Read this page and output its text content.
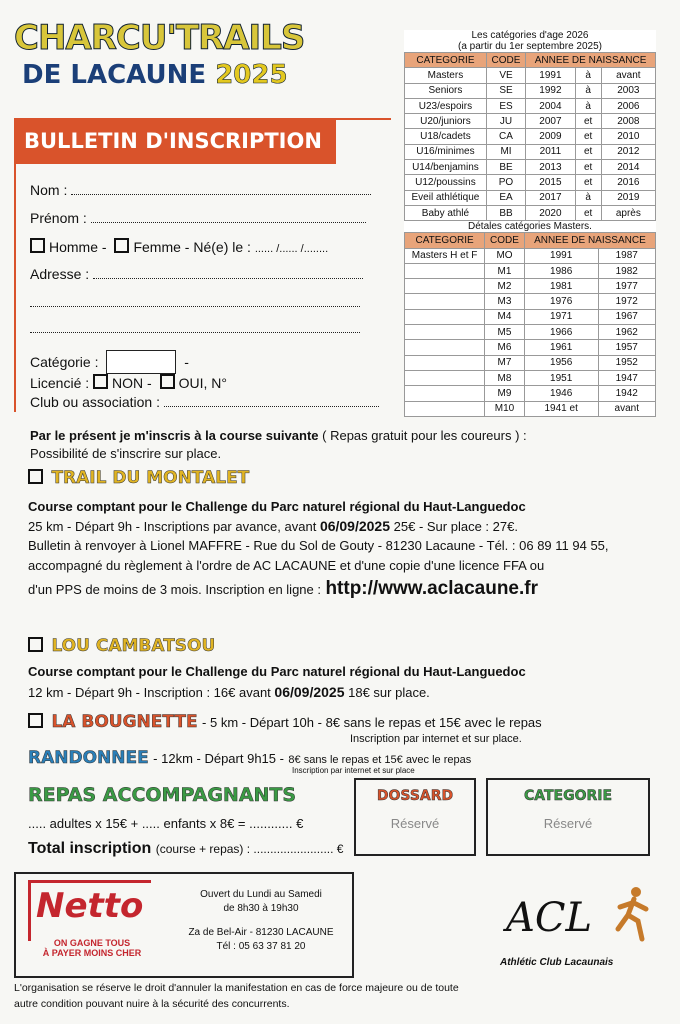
CHARCU'TRAILS
DE LACAUNE 2025
BULLETIN D'INSCRIPTION
Nom :
Prénom :
Homme - Femme - Né(e) le : ...... /...... /........
Adresse :
Catégorie :	-
Licencié : NON - OUI, N°
Club ou association :
Les catégories d'age 2026
(a partir du 1er septembre 2025)
CATEGORIE	CODE	ANNEE DE NAISSANCE		
Masters	VE	1991	à	avant
Seniors	SE	1992	à	2003
U23/espoirs	ES	2004	à	2006
U20/juniors	JU	2007	et	2008
U18/cadets	CA	2009	et	2010
U16/minimes	MI	2011	et	2012
U14/benjamins	BE	2013	et	2014
U12/poussins	PO	2015	et	2016
Eveil athlétique	EA	2017	à	2019
Baby athlé	BB	2020	et	après
Détales catégories Masters.
CATEGORIE	CODE	ANNEE DE NAISSANCE	
Masters H et F	MO	1991	1987
	M1	1986	1982
	M2	1981	1977
	M3	1976	1972
	M4	1971	1967
	M5	1966	1962
	M6	1961	1957
	M7	1956	1952
	M8	1951	1947
	M9	1946	1942
	M10	1941 et	avant
Par le présent je m'inscris à la course suivante ( Repas gratuit pour les coureurs ) :
Possibilité de s'inscrire sur place.
TRAIL DU MONTALET
Course comptant pour le Challenge du Parc naturel régional du Haut-Languedoc
25 km - Départ 9h - Inscriptions par avance, avant 06/09/2025 25€ - Sur place : 27€.
Bulletin à renvoyer à Lionel MAFFRE - Rue du Sol de Gouty - 81230 Lacaune - Tél. : 06 89 11 94 55,
accompagné du règlement à l'ordre de AC LACAUNE et d'une copie d'une licence FFA ou
d'un PPS de moins de 3 mois. Inscription en ligne : http://www.aclacaune.fr
LOU CAMBATSOU
Course comptant pour le Challenge du Parc naturel régional du Haut-Languedoc
12 km - Départ 9h - Inscription : 16€ avant 06/09/2025 18€ sur place.
LA BOUGNETTE - 5 km - Départ 10h - 8€ sans le repas et 15€ avec le repas
Inscription par internet et sur place.
RANDONNEE - 12km - Départ 9h15 - 8€ sans le repas et 15€ avec le repas
Inscription par internet et sur place
REPAS ACCOMPAGNANTS
..... adultes x 15€ + ..... enfants x 8€ = ............ €
Total inscription (course + repas) : ........................ €
DOSSARD
Réservé
CATEGORIE
Réservé
Netto
ON GAGNE TOUS
À PAYER MOINS CHER
Ouvert du Lundi au Samedi
de 8h30 à 19h30
Za de Bel-Air - 81230 LACAUNE
Tél : 05 63 37 81 20
ACL
Athlétic Club Lacaunais
L'organisation se réserve le droit d'annuler la manifestation en cas de force majeure ou de toute
autre condition pouvant nuire à la sécurité des concurrents.
